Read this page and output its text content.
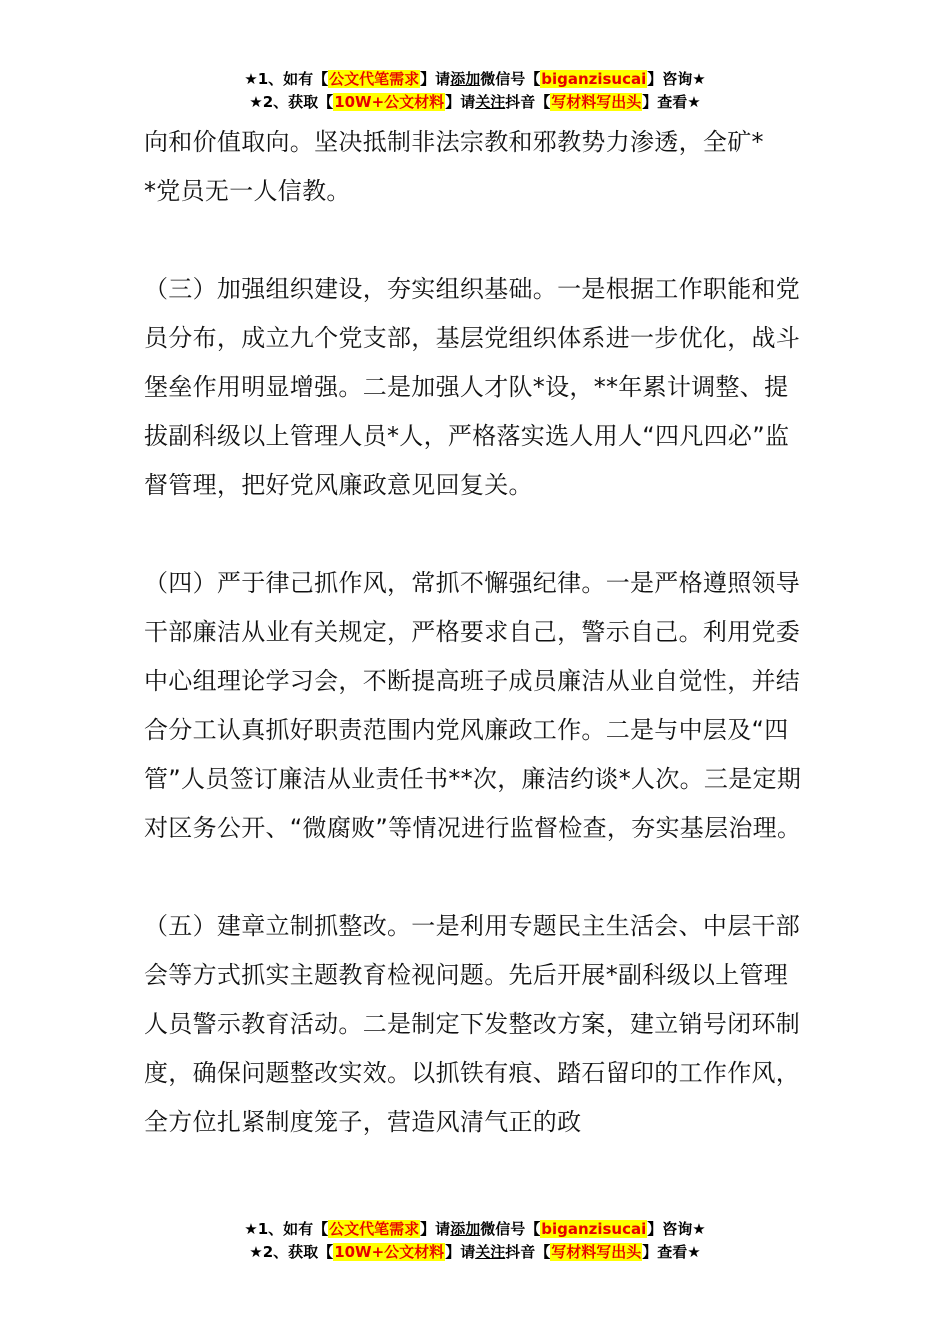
★1、如有【公文代笔需求】请添加微信号【biganzisucai】咨询★
★2、获取【10W+公文材料】请关注抖音【写材料写出头】查看★

向和价值取向。坚决抵制非法宗教和邪教势力渗透，全矿*
*党员无一人信教。

（三）加强组织建设，夯实组织基础。一是根据工作职能和党员分布，成立九个党支部，基层党组织体系进一步优化，战斗堡垒作用明显增强。二是加强人才队*设，**年累计调整、提拔副科级以上管理人员*人，严格落实选人用人“四凡四必”监督管理，把好党风廉政意见回复关。

（四）严于律己抓作风，常抓不懈强纪律。一是严格遵照领导干部廉洁从业有关规定，严格要求自己，警示自己。利用党委中心组理论学习会，不断提高班子成员廉洁从业自觉性，并结合分工认真抓好职责范围内党风廉政工作。二是与中层及“四管”人员签订廉洁从业责任书**次，廉洁约谈*人次。三是定期对区务公开、“微腐败”等情况进行监督检查，夯实基层治理。

（五）建章立制抓整改。一是利用专题民主生活会、中层干部会等方式抓实主题教育检视问题。先后开展*副科级以上管理人员警示教育活动。二是制定下发整改方案，建立销号闭环制度，确保问题整改实效。以抓铁有痕、踏石留印的工作作风，全方位扎紧制度笼子，营造风清气正的政

★1、如有【公文代笔需求】请添加微信号【biganzisucai】咨询★
★2、获取【10W+公文材料】请关注抖音【写材料写出头】查看★
